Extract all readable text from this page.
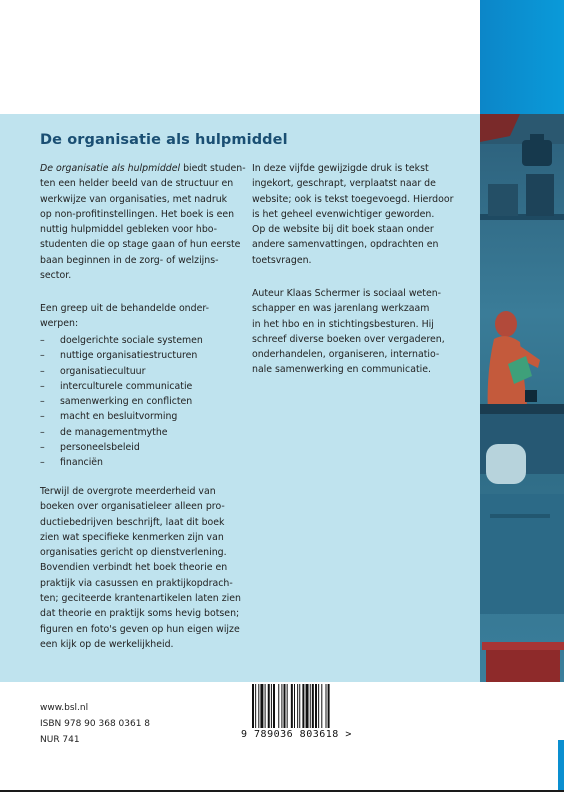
De organisatie als hulpmiddel
De organisatie als hulpmiddel biedt studen-
ten een helder beeld van de structuur en
werkwijze van organisaties, met nadruk
op non-profitinstellingen. Het boek is een
nuttig hulpmiddel gebleken voor hbo-
studenten die op stage gaan of hun eerste
baan beginnen in de zorg- of welzijns-
sector.
Een greep uit de behandelde onder-
werpen:
– doelgerichte sociale systemen
– nuttige organisatiestructuren
– organisatiecultuur
– interculturele communicatie
– samenwerking en conflicten
– macht en besluitvorming
– de managementmythe
– personeelsbeleid
– financiën
Terwijl de overgrote meerderheid van
boeken over organisatieleer alleen pro-
ductiebedrijven beschrijft, laat dit boek
zien wat specifieke kenmerken zijn van
organisaties gericht op dienstverlening.
Bovendien verbindt het boek theorie en
praktijk via casussen en praktijkopdrach-
ten; geciteerde krantenartikelen laten zien
dat theorie en praktijk soms hevig botsen;
figuren en foto's geven op hun eigen wijze
een kijk op de werkelijkheid.
In deze vijfde gewijzigde druk is tekst
ingekort, geschrapt, verplaatst naar de
website; ook is tekst toegevoegd. Hierdoor
is het geheel evenwichtiger geworden.
Op de website bij dit boek staan onder
andere samenvattingen, opdrachten en
toetsvragen.
Auteur Klaas Schermer is sociaal weten-
schapper en was jarenlang werkzaam
in het hbo en in stichtingsbesturen. Hij
schreef diverse boeken over vergaderen,
onderhandelen, organiseren, internatio-
nale samenwerking en communicatie.
www.bsl.nl
ISBN 978 90 368 0361 8
NUR 741	9 789036 803618 >
